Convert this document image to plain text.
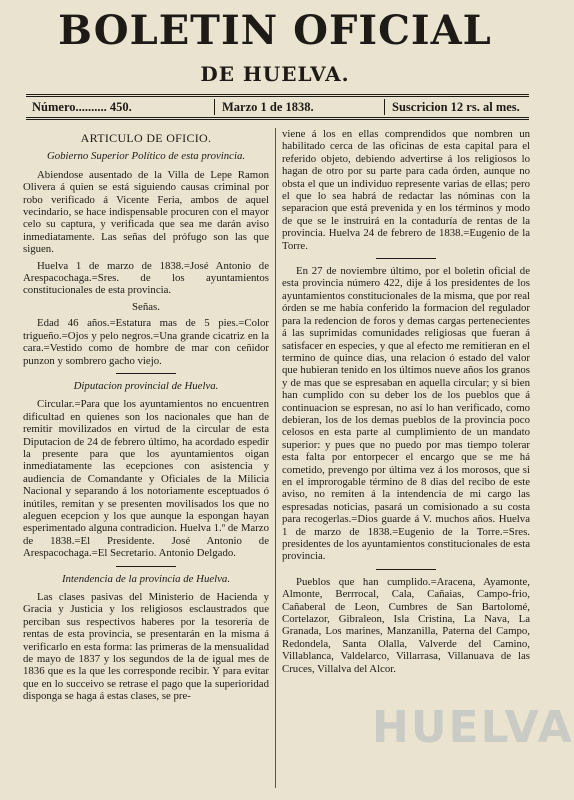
BOLETIN OFICIAL
DE HUELVA.
Número.......... 450.	Marzo 1 de 1838.	Suscricion 12 rs. al mes.

ARTICULO DE OFICIO.

Gobierno Superior Político de esta provincia.

Abiendose ausentado de la Villa de Lepe Ramon Olivera á quien se está siguiendo causas criminal por robo verificado á Vicente Feria, ambos de aquel vecindario, se hace indispensable procuren con el mayor celo su captura, y verificada que sea me darán aviso inmediatamente. Las señas del prófugo son las que siguen.

Huelva 1 de marzo de 1838.=José Antonio de Arespacochaga.=Sres. de los ayuntamientos constitucionales de esta provincia.

Señas.

Edad 46 años.=Estatura mas de 5 pies.=Color trigueño.=Ojos y pelo negros.=Una grande cicatriz en la cara.=Vestido como de hombre de mar con ceñidor punzon y sombrero gacho viejo.

Diputacion provincial de Huelva.

Circular.=Para que los ayuntamientos no encuentren dificultad en quienes son los nacionales que han de remitir movilizados en virtud de la circular de esta Diputacion de 24 de febrero último, ha acordado espedir la presente para que los ayuntamientos oigan inmediatamente las ecepciones con asistencia y audiencia de Comandante y Oficiales de la Milicia Nacional y separando á los notoriamente esceptuados ó inútiles, remitan y se presenten movilisados los que no aleguen ecepcion y los que aunque la espongan hayan esperimentado alguna contradicion. Huelva 1.º de Marzo de 1838.=El Presidente. José Antonio de Arespacochaga.=El Secretario. Antonio Delgado.

Intendencia de la provincia de Huelva.

Las clases pasivas del Ministerio de Hacienda y Gracia y Justicia y los religiosos esclaustrados que perciban sus respectivos haberes por la tesorería de rentas de esta provincia, se presentarán en la misma á verificarlo en esta forma: las primeras de la mensualidad de mayo de 1837 y los segundos de la de igual mes de 1836 que es la que les corresponde recibir. Y para evitar que en lo succeivo se retrase el pago que la superioridad disponga se haga á estas clases, se pre-

viene á los en ellas comprendidos que nombren un habilitado cerca de las oficinas de esta capital para el referido objeto, debiendo advertirse á los religiosos lo hagan de otro por su parte para cada órden, aunque no obsta el que un individuo represente varias de ellas; pero el que lo sea habrá de redactar las nóminas con la separacion que está prevenida y en los términos y modo de que se le instruirá en la contaduría de rentas de la provincia. Huelva 24 de febrero de 1838.=Eugenio de la Torre.

En 27 de noviembre último, por el boletin oficial de esta provincia número 422, dije á los presidentes de los ayuntamientos constitucionales de la misma, que por real órden se me había conferido la formacion del regulador para la redencion de foros y demas cargas pertenecientes á las suprimidas comunidades religiosas que fueran á satisfacer en especies, y que al efecto me remitieran en el termino de quince dias, una relacion ó estado del valor que hubieran tenido en los últimos nueve años los granos y de mas que se espresaban en aquella circular; y si bien han cumplido con su deber los de los pueblos que á continuacion se espresan, no así lo han verificado, como debieran, los de los demas pueblos de la provincia poco celosos en esta parte al cumplimiento de un mandato superior: y pues que no puedo por mas tiempo tolerar esta falta por entorpecer el encargo que se me há cometido, prevengo por última vez á los morosos, que si en el improrogable término de 8 dias del recibo de este aviso, no remiten á la intendencia de mi cargo las espresadas noticias, pasará un comisionado a su costa para recogerlas.=Dios guarde á V. muchos años. Huelva 1 de marzo de 1838.=Eugenio de la Torre.=Sres. presidentes de los ayuntamientos constitucionales de esta provincia.

Pueblos que han cumplido.=Aracena, Ayamonte, Almonte, Berrrocal, Cala, Cañaias, Campo-frio, Cañaberal de Leon, Cumbres de San Bartolomé, Cortelazor, Gibraleon, Isla Cristina, La Nava, La Granada, Los marines, Manzanilla, Paterna del Campo, Redondela, Santa Olalla, Valverde del Camino, Villablanca, Valdelarco, Villarrasa, Villanuava de las Cruces, Villalva del Alcor.

HUELVA
